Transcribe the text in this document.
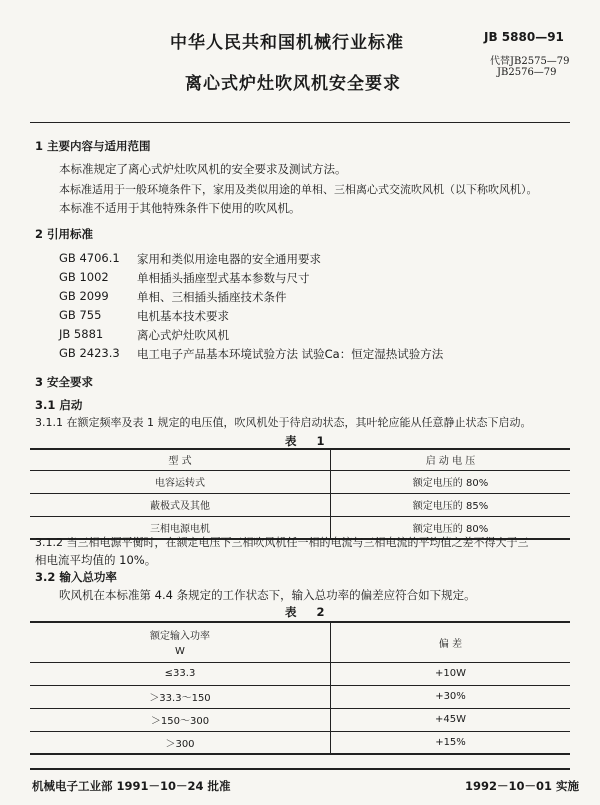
中华人民共和国机械行业标准
离心式炉灶吹风机安全要求
JB 5880—91
代替JB2575—79
JB2576—79
1 主要内容与适用范围
本标准规定了离心式炉灶吹风机的安全要求及测试方法。
本标准适用于一般环境条件下，家用及类似用途的单相、三相离心式交流吹风机（以下称吹风机）。
本标准不适用于其他特殊条件下使用的吹风机。
2 引用标准
GB 4706.1 家用和类似用途电器的安全通用要求
GB 1002 单相插头插座型式基本参数与尺寸
GB 2099 单相、三相插头插座技术条件
GB 755	电机基本技术要求
JB 5881	离心式炉灶吹风机
GB 2423.3 电工电子产品基本环境试验方法 试验Ca：恒定湿热试验方法
3 安全要求
3.1 启动
3.1.1 在额定频率及表 1 规定的电压值，吹风机处于待启动状态，其叶轮应能从任意静止状态下启动。
表 1
型 式	启 动 电 压
电容运转式	额定电压的 80%
蔽极式及其他	额定电压的 85%
三相电源电机	额定电压的 80%
3.1.2 当三相电源平衡时，在额定电压下三相吹风机任一相的电流与三相电流的平均值之差不得大于三
相电流平均值的 10%。
3.2 输入总功率
吹风机在本标准第 4.4 条规定的工作状态下，输入总功率的偏差应符合如下规定。
表 2
额定输入功率
W	偏 差
≤33.3	+10W
＞33.3～150	+30%
＞150～300	+45W
＞300	+15%
机械电子工业部 1991－10－24 批准	1992－10－01 实施
